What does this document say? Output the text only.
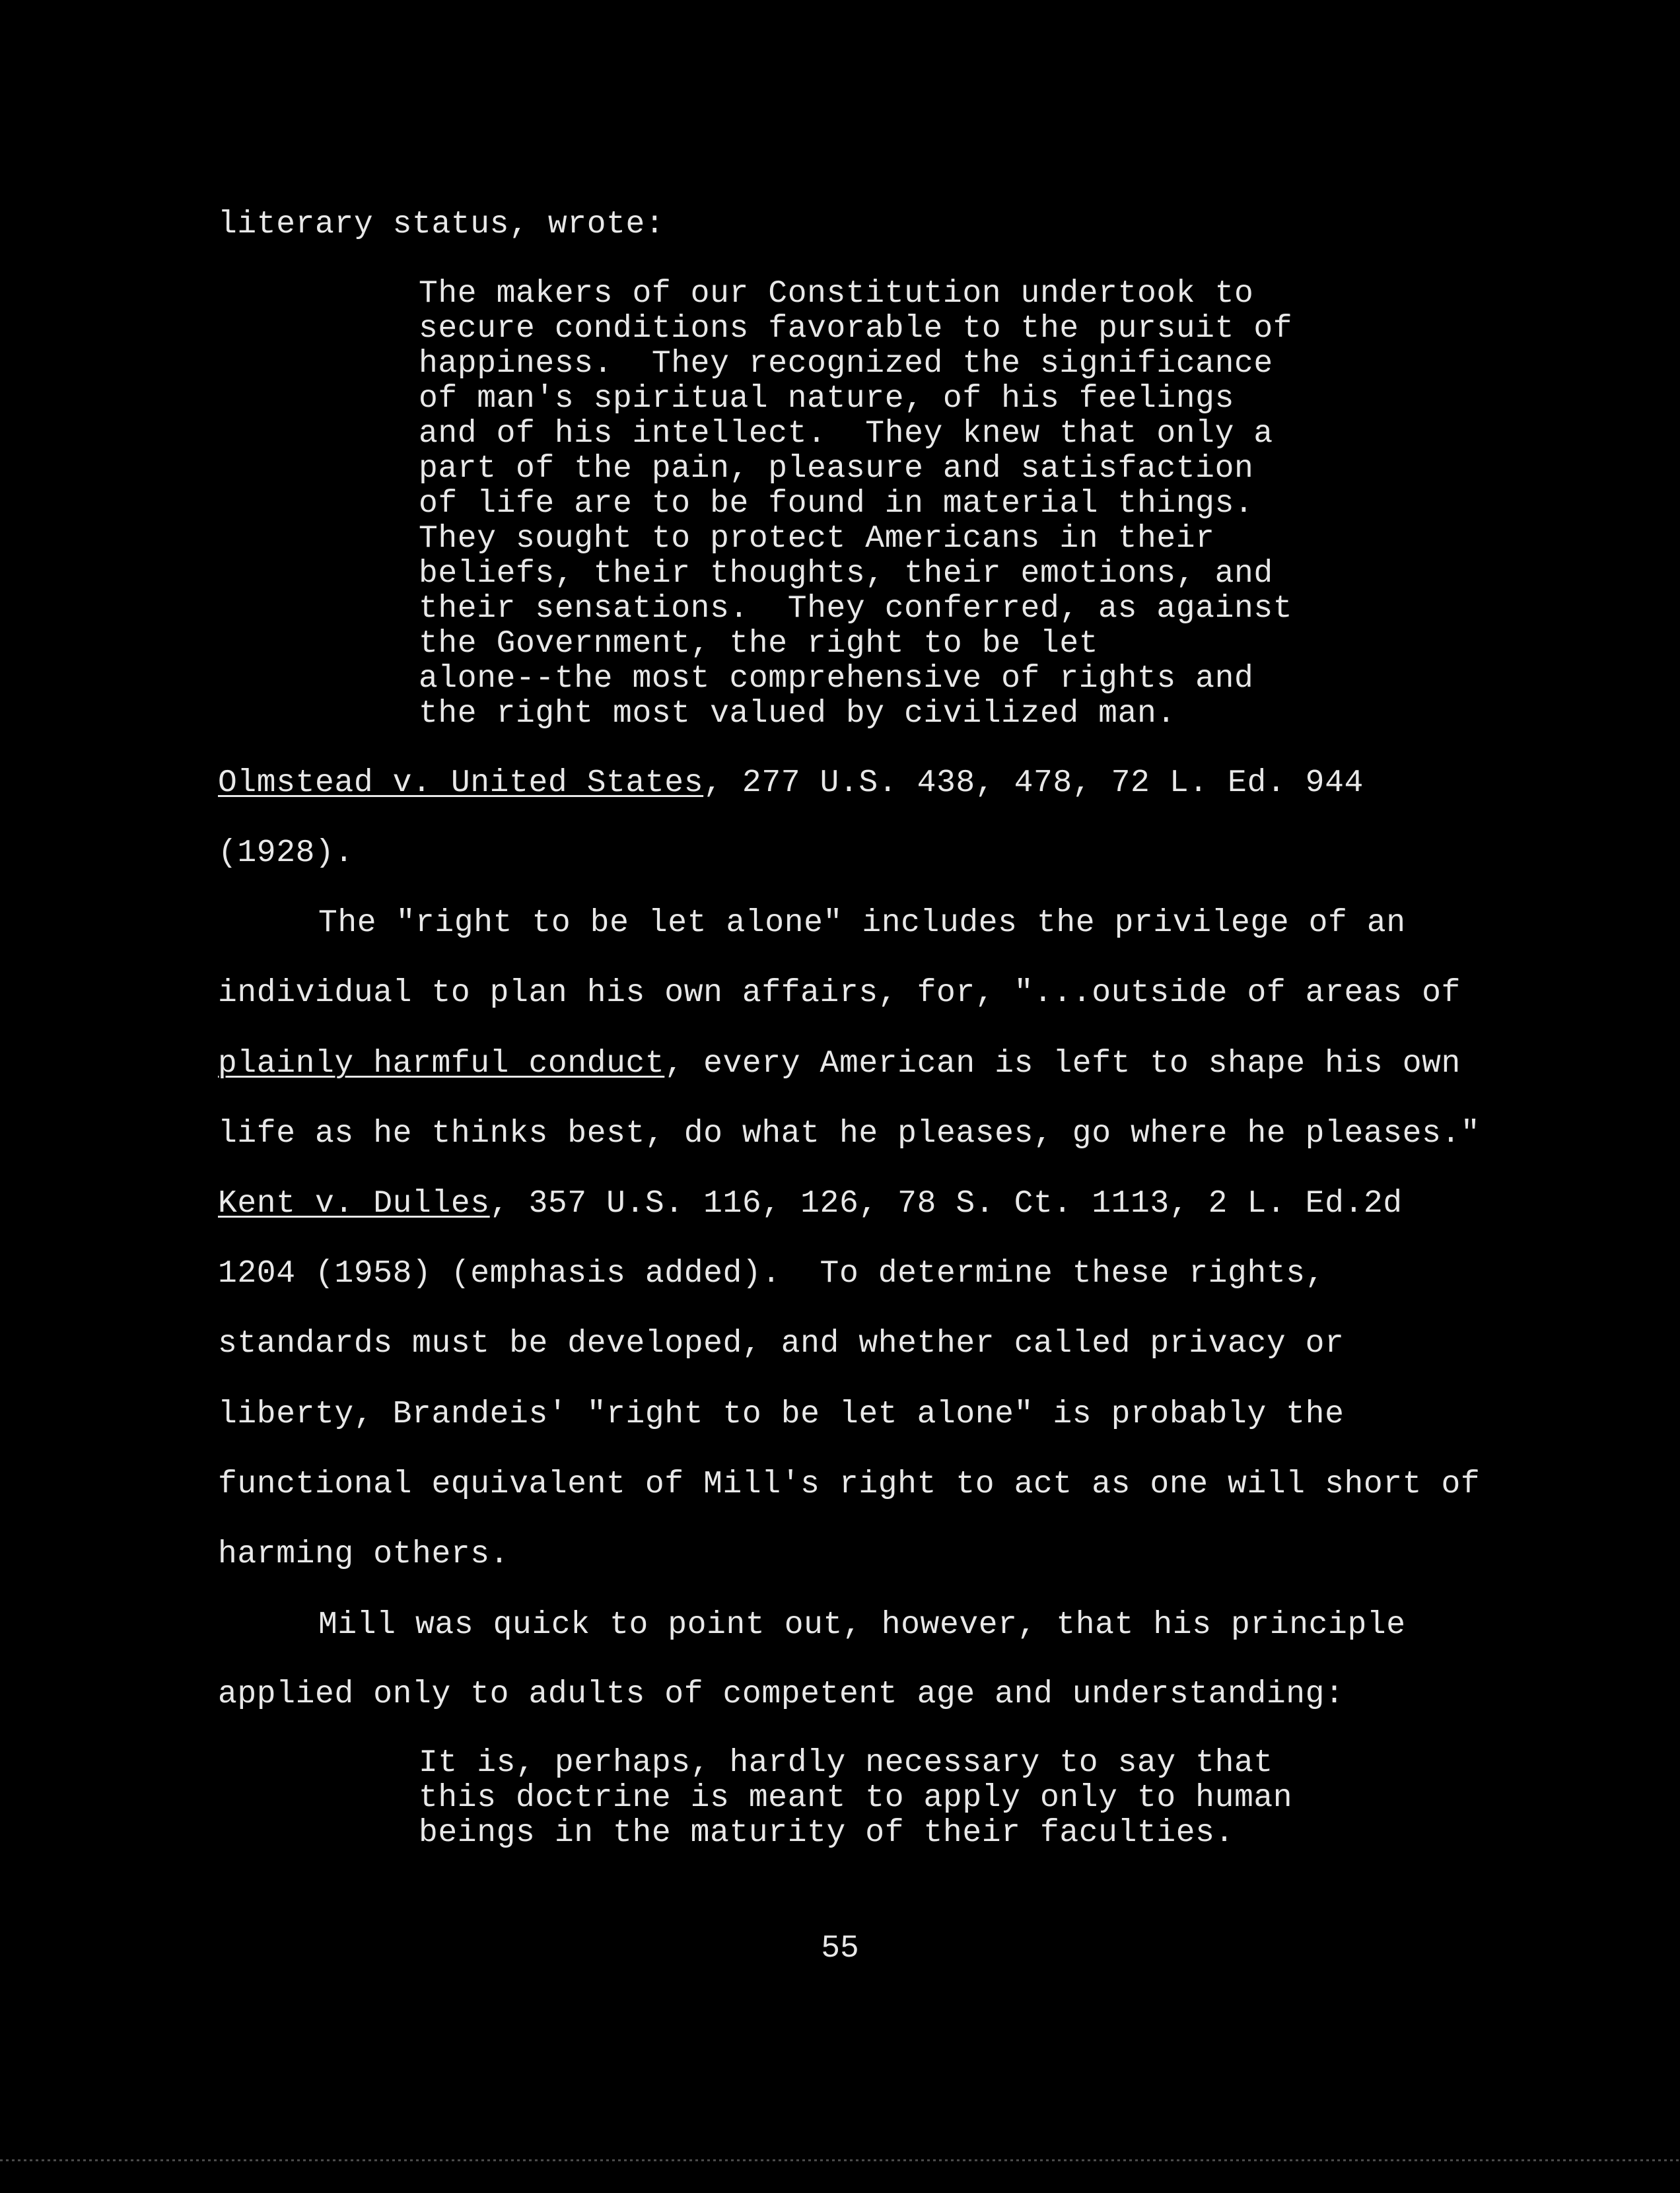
literary status, wrote:
The makers of our Constitution undertook to
secure conditions favorable to the pursuit of
happiness.  They recognized the significance
of man's spiritual nature, of his feelings
and of his intellect.  They knew that only a
part of the pain, pleasure and satisfaction
of life are to be found in material things.
They sought to protect Americans in their
beliefs, their thoughts, their emotions, and
their sensations.  They conferred, as against
the Government, the right to be let
alone--the most comprehensive of rights and
the right most valued by civilized man.
Olmstead v. United States, 277 U.S. 438, 478, 72 L. Ed. 944
(1928).
The "right to be let alone" includes the privilege of an
individual to plan his own affairs, for, "...outside of areas of
plainly harmful conduct, every American is left to shape his own
life as he thinks best, do what he pleases, go where he pleases."
Kent v. Dulles, 357 U.S. 116, 126, 78 S. Ct. 1113, 2 L. Ed.2d
1204 (1958) (emphasis added).  To determine these rights,
standards must be developed, and whether called privacy or
liberty, Brandeis' "right to be let alone" is probably the
functional equivalent of Mill's right to act as one will short of
harming others.
Mill was quick to point out, however, that his principle
applied only to adults of competent age and understanding:
It is, perhaps, hardly necessary to say that
this doctrine is meant to apply only to human
beings in the maturity of their faculties.
55
